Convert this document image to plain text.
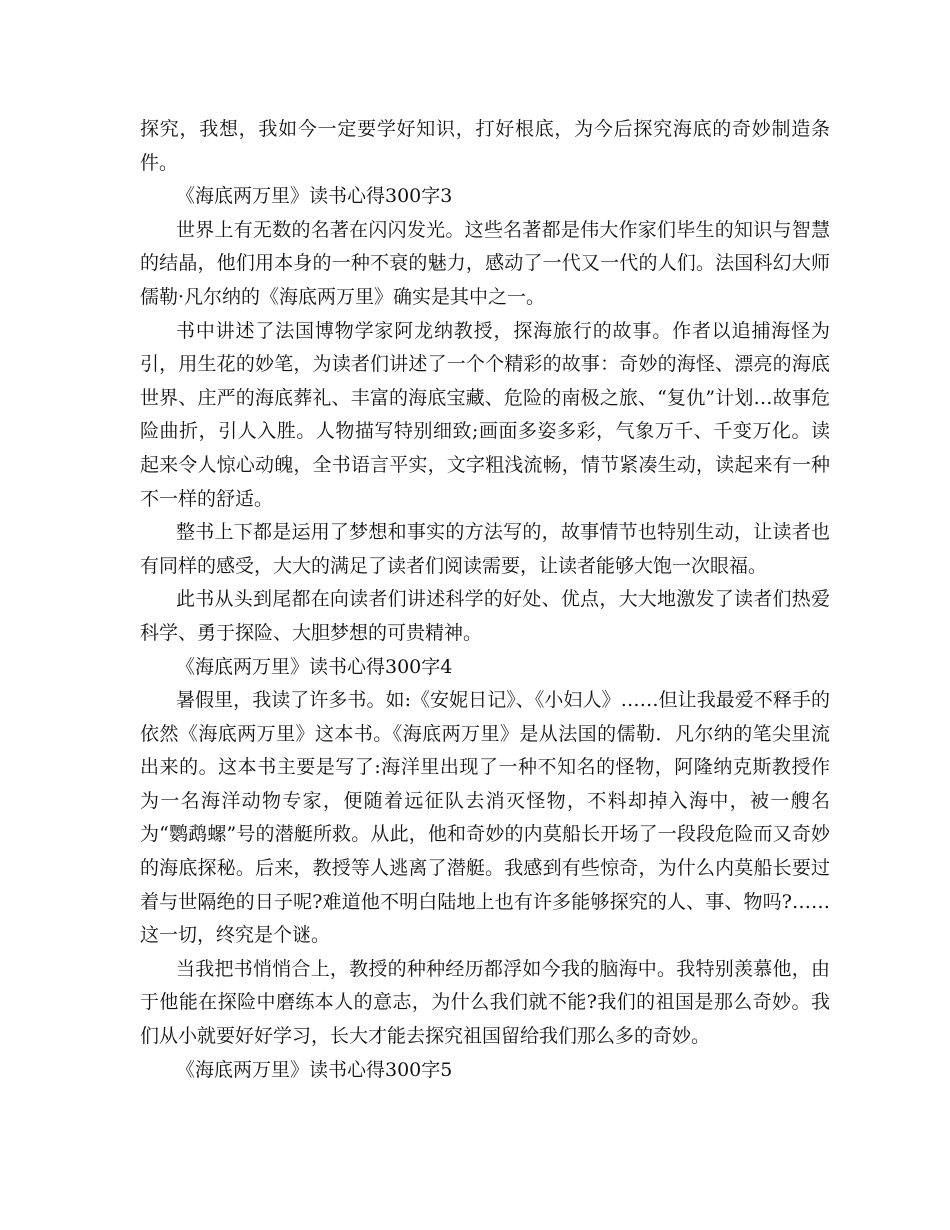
探究，我想，我如今一定要学好知识，打好根底，为今后探究海底的奇妙制造条件。

《海底两万里》读书心得300字3

世界上有无数的名著在闪闪发光。这些名著都是伟大作家们毕生的知识与智慧的结晶，他们用本身的一种不衰的魅力，感动了一代又一代的人们。法国科幻大师儒勒·凡尔纳的《海底两万里》确实是其中之一。

书中讲述了法国博物学家阿龙纳教授，探海旅行的故事。作者以追捕海怪为引，用生花的妙笔，为读者们讲述了一个个精彩的故事：奇妙的海怪、漂亮的海底世界、庄严的海底葬礼、丰富的海底宝藏、危险的南极之旅、“复仇”计划…故事危险曲折，引人入胜。人物描写特别细致;画面多姿多彩，气象万千、千变万化。读起来令人惊心动魄，全书语言平实，文字粗浅流畅，情节紧凑生动，读起来有一种不一样的舒适。

整书上下都是运用了梦想和事实的方法写的，故事情节也特别生动，让读者也有同样的感受，大大的满足了读者们阅读需要，让读者能够大饱一次眼福。

此书从头到尾都在向读者们讲述科学的好处、优点，大大地激发了读者们热爱科学、勇于探险、大胆梦想的可贵精神。

《海底两万里》读书心得300字4

暑假里，我读了许多书。如:《安妮日记》、《小妇人》……但让我最爱不释手的依然《海底两万里》这本书。《海底两万里》是从法国的儒勒．凡尔纳的笔尖里流出来的。这本书主要是写了:海洋里出现了一种不知名的怪物，阿隆纳克斯教授作为一名海洋动物专家，便随着远征队去消灭怪物，不料却掉入海中，被一艘名为“鹦鹉螺”号的潜艇所救。从此，他和奇妙的内莫船长开场了一段段危险而又奇妙的海底探秘。后来，教授等人逃离了潜艇。我感到有些惊奇，为什么内莫船长要过着与世隔绝的日子呢?难道他不明白陆地上也有许多能够探究的人、事、物吗?……这一切，终究是个谜。

当我把书悄悄合上，教授的种种经历都浮如今我的脑海中。我特别羡慕他，由于他能在探险中磨练本人的意志，为什么我们就不能?我们的祖国是那么奇妙。我们从小就要好好学习，长大才能去探究祖国留给我们那么多的奇妙。

《海底两万里》读书心得300字5
